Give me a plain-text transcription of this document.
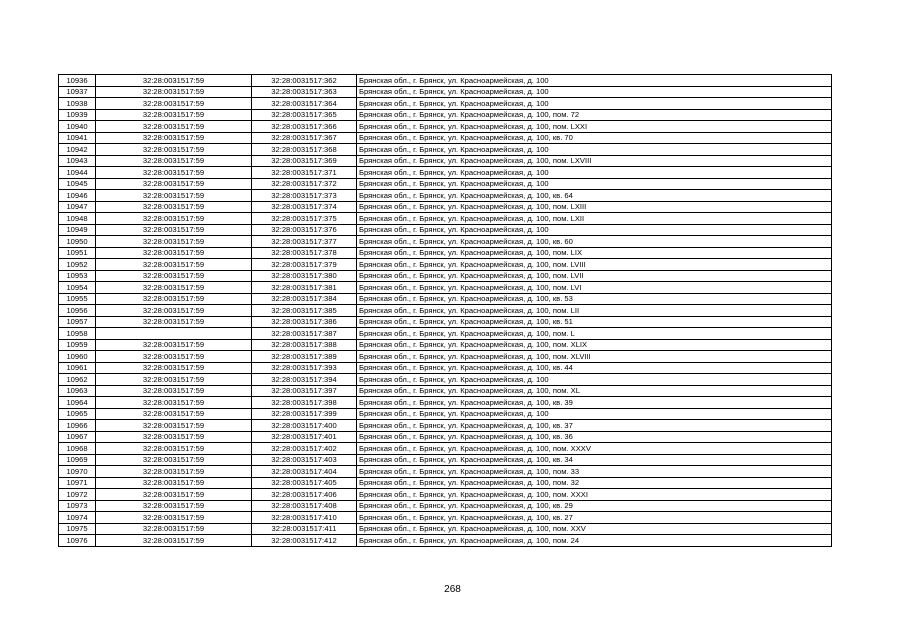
10936	32:28:0031517:59	32:28:0031517:362	Брянская обл., г. Брянск, ул. Красноармейская, д. 100
10937	32:28:0031517:59	32:28:0031517:363	Брянская обл., г. Брянск, ул. Красноармейская, д. 100
10938	32:28:0031517:59	32:28:0031517:364	Брянская обл., г. Брянск, ул. Красноармейская, д. 100
10939	32:28:0031517:59	32:28:0031517:365	Брянская обл., г. Брянск, ул. Красноармейская, д. 100, пом. 72
10940	32:28:0031517:59	32:28:0031517:366	Брянская обл., г. Брянск, ул. Красноармейская, д. 100, пом. LXXI
10941	32:28:0031517:59	32:28:0031517:367	Брянская обл., г. Брянск, ул. Красноармейская, д. 100, кв. 70
10942	32:28:0031517:59	32:28:0031517:368	Брянская обл., г. Брянск, ул. Красноармейская, д. 100
10943	32:28:0031517:59	32:28:0031517:369	Брянская обл., г. Брянск, ул. Красноармейская, д. 100, пом. LXVIII
10944	32:28:0031517:59	32:28:0031517:371	Брянская обл., г. Брянск, ул. Красноармейская, д. 100
10945	32:28:0031517:59	32:28:0031517:372	Брянская обл., г. Брянск, ул. Красноармейская, д. 100
10946	32:28:0031517:59	32:28:0031517:373	Брянская обл., г. Брянск, ул. Красноармейская, д. 100, кв. 64
10947	32:28:0031517:59	32:28:0031517:374	Брянская обл., г. Брянск, ул. Красноармейская, д. 100, пом. LXIII
10948	32:28:0031517:59	32:28:0031517:375	Брянская обл., г. Брянск, ул. Красноармейская, д. 100, пом. LXII
10949	32:28:0031517:59	32:28:0031517:376	Брянская обл., г. Брянск, ул. Красноармейская, д. 100
10950	32:28:0031517:59	32:28:0031517:377	Брянская обл., г. Брянск, ул. Красноармейская, д. 100, кв. 60
10951	32:28:0031517:59	32:28:0031517:378	Брянская обл., г. Брянск, ул. Красноармейская, д. 100, пом. LIX
10952	32:28:0031517:59	32:28:0031517:379	Брянская обл., г. Брянск, ул. Красноармейская, д. 100, пом. LVIII
10953	32:28:0031517:59	32:28:0031517:380	Брянская обл., г. Брянск, ул. Красноармейская, д. 100, пом. LVII
10954	32:28:0031517:59	32:28:0031517:381	Брянская обл., г. Брянск, ул. Красноармейская, д. 100, пом. LVI
10955	32:28:0031517:59	32:28:0031517:384	Брянская обл., г. Брянск, ул. Красноармейская, д. 100, кв. 53
10956	32:28:0031517:59	32:28:0031517:385	Брянская обл., г. Брянск, ул. Красноармейская, д. 100, пом. LII
10957	32:28:0031517:59	32:28:0031517:386	Брянская обл., г. Брянск, ул. Красноармейская, д. 100, кв. 51
10958		32:28:0031517:387	Брянская обл., г. Брянск, ул. Красноармейская, д. 100, пом. L
10959	32:28:0031517:59	32:28:0031517:388	Брянская обл., г. Брянск, ул. Красноармейская, д. 100, пом. XLIX
10960	32:28:0031517:59	32:28:0031517:389	Брянская обл., г. Брянск, ул. Красноармейская, д. 100, пом. XLVIII
10961	32:28:0031517:59	32:28:0031517:393	Брянская обл., г. Брянск, ул. Красноармейская, д. 100, кв. 44
10962	32:28:0031517:59	32:28:0031517:394	Брянская обл., г. Брянск, ул. Красноармейская, д. 100
10963	32:28:0031517:59	32:28:0031517:397	Брянская обл., г. Брянск, ул. Красноармейская, д. 100, пом. XL
10964	32:28:0031517:59	32:28:0031517:398	Брянская обл., г. Брянск, ул. Красноармейская, д. 100, кв. 39
10965	32:28:0031517:59	32:28:0031517:399	Брянская обл., г. Брянск, ул. Красноармейская, д. 100
10966	32:28:0031517:59	32:28:0031517:400	Брянская обл., г. Брянск, ул. Красноармейская, д. 100, кв. 37
10967	32:28:0031517:59	32:28:0031517:401	Брянская обл., г. Брянск, ул. Красноармейская, д. 100, кв. 36
10968	32:28:0031517:59	32:28:0031517:402	Брянская обл., г. Брянск, ул. Красноармейская, д. 100, пом. XXXV
10969	32:28:0031517:59	32:28:0031517:403	Брянская обл., г. Брянск, ул. Красноармейская, д. 100, кв. 34
10970	32:28:0031517:59	32:28:0031517:404	Брянская обл., г. Брянск, ул. Красноармейская, д. 100, пом. 33
10971	32:28:0031517:59	32:28:0031517:405	Брянская обл., г. Брянск, ул. Красноармейская, д. 100, пом. 32
10972	32:28:0031517:59	32:28:0031517:406	Брянская обл., г. Брянск, ул. Красноармейская, д. 100, пом. XXXI
10973	32:28:0031517:59	32:28:0031517:408	Брянская обл., г. Брянск, ул. Красноармейская, д. 100, кв. 29
10974	32:28:0031517:59	32:28:0031517:410	Брянская обл., г. Брянск, ул. Красноармейская, д. 100, кв. 27
10975	32:28:0031517:59	32:28:0031517:411	Брянская обл., г. Брянск, ул. Красноармейская, д. 100, пом. XXV
10976	32:28:0031517:59	32:28:0031517:412	Брянская обл., г. Брянск, ул. Красноармейская, д. 100, пом. 24
268
